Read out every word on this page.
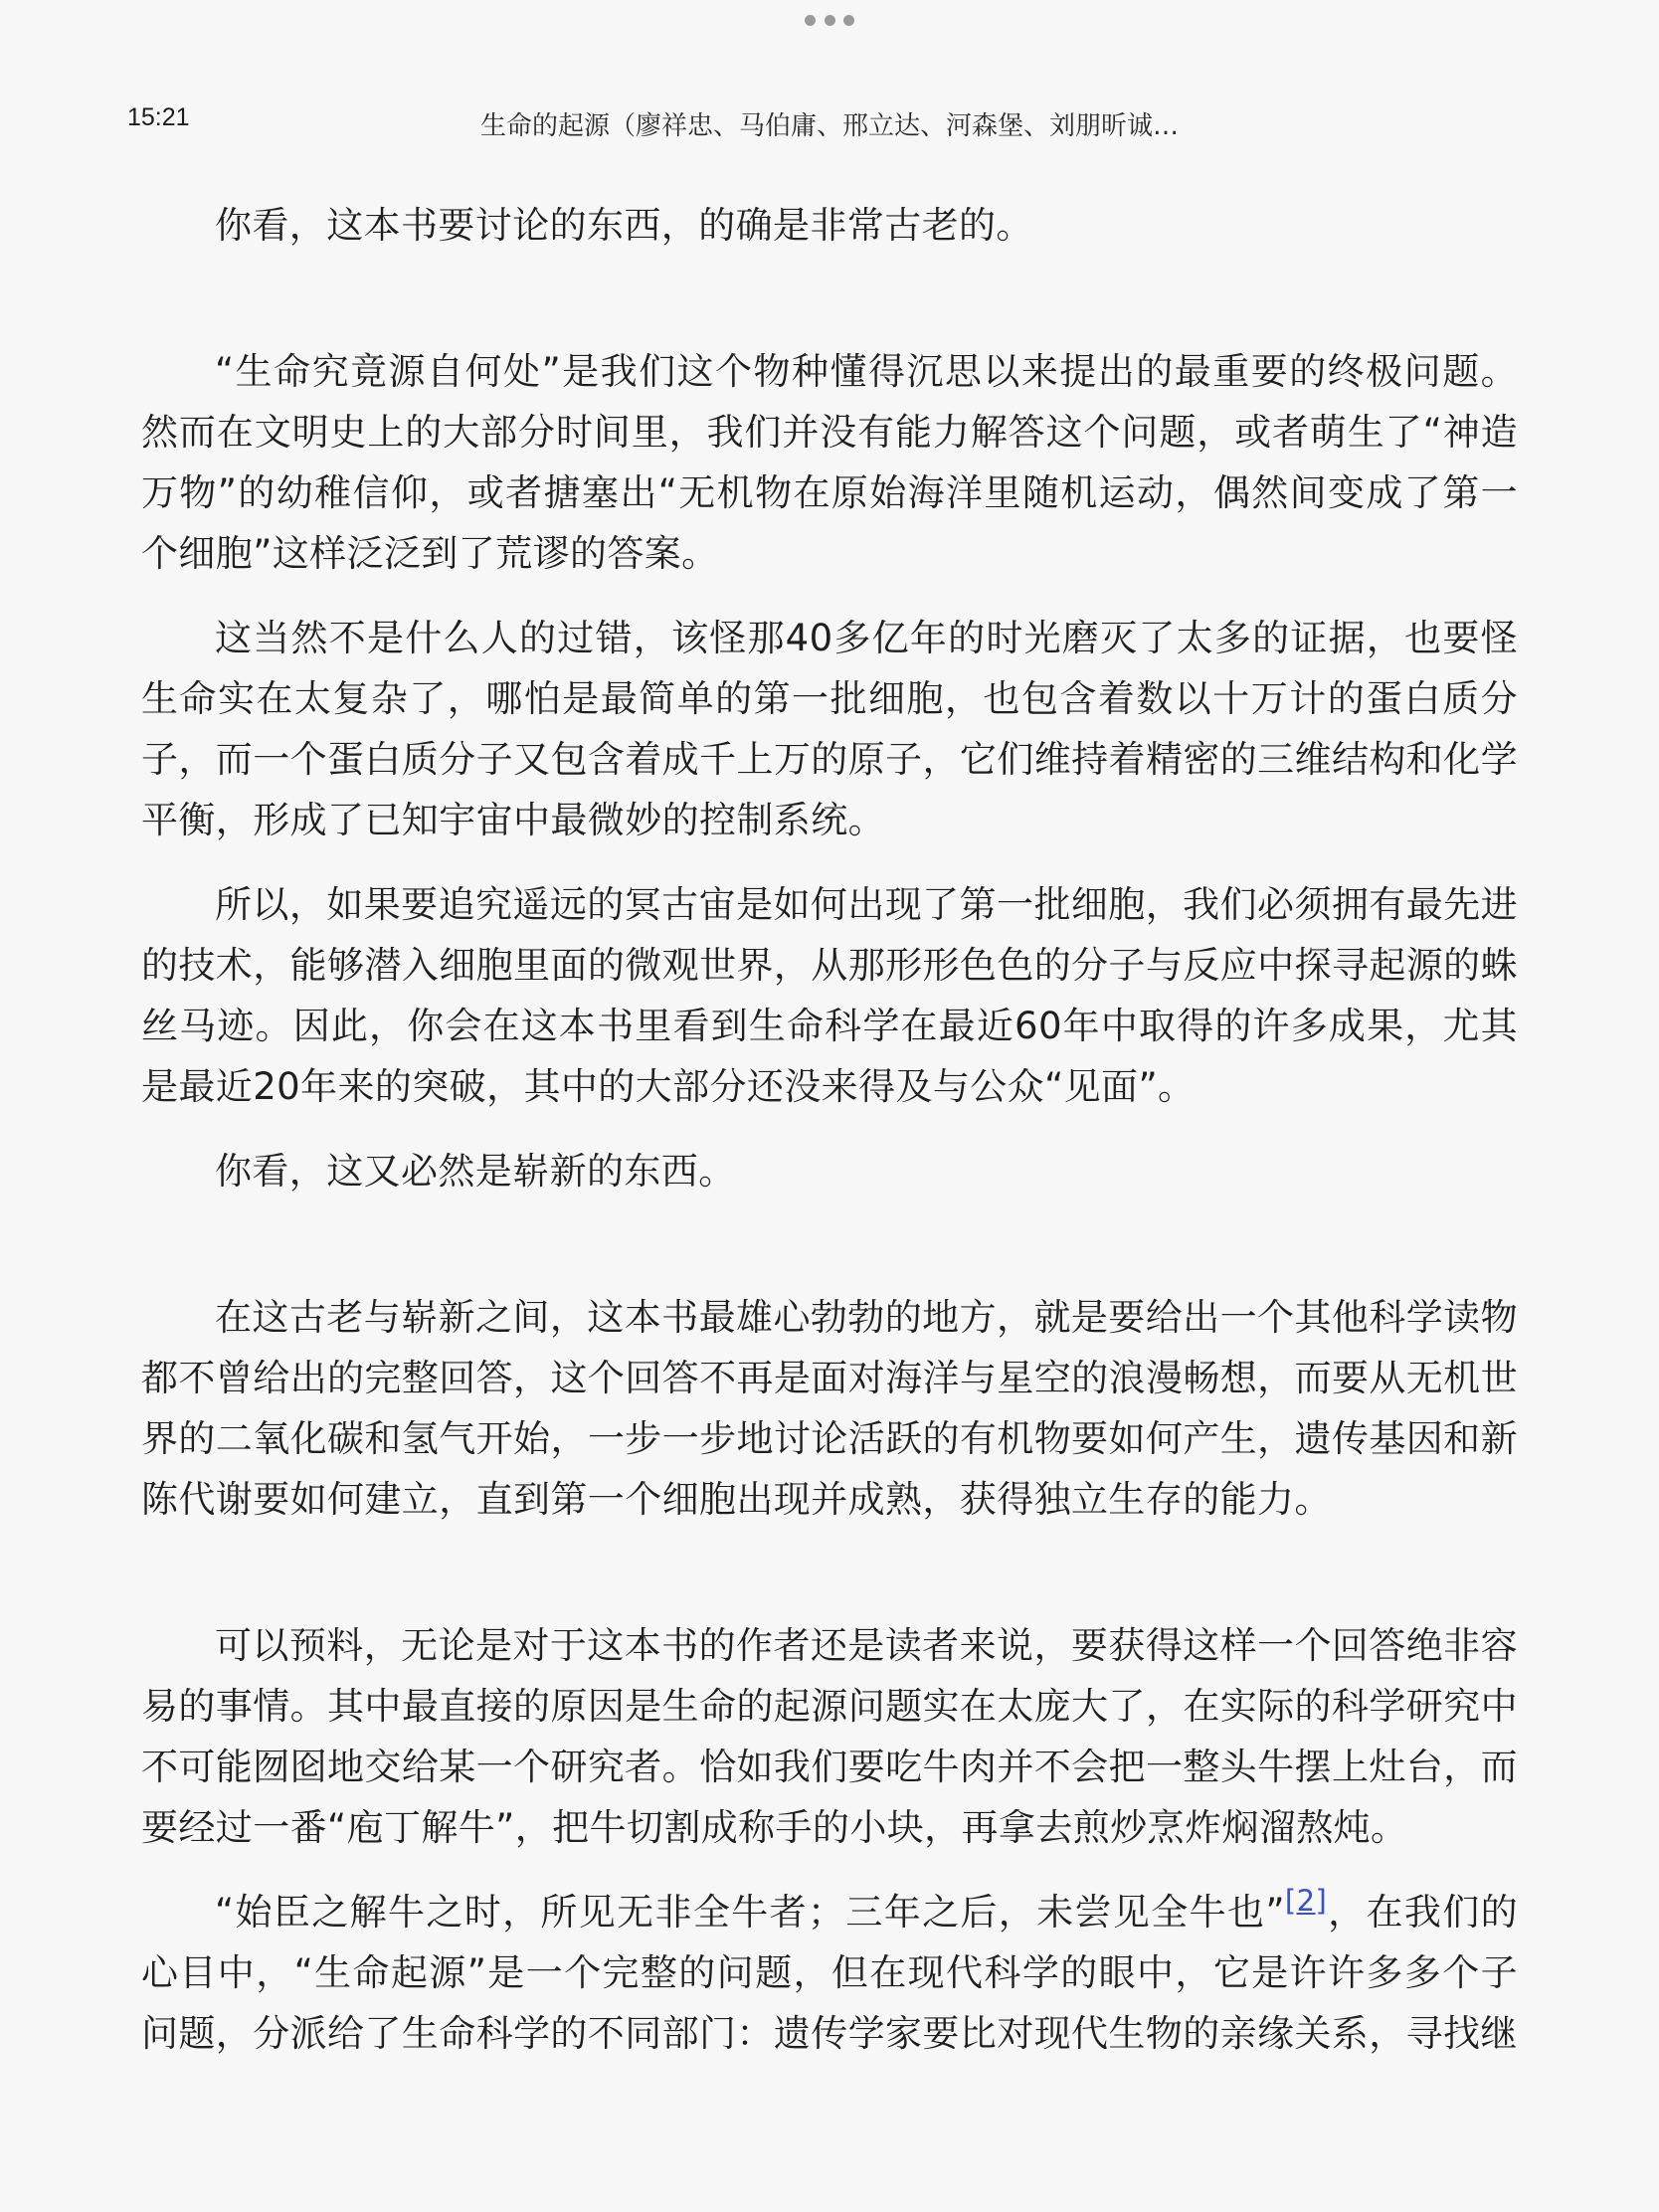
15:21	生命的起源（廖祥忠、马伯庸、邢立达、河森堡、刘朋昕诚…

你看，这本书要讨论的东西，的确是非常古老的。

“生命究竟源自何处”是我们这个物种懂得沉思以来提出的最重要的终极问题。然而在文明史上的大部分时间里，我们并没有能力解答这个问题，或者萌生了“神造万物”的幼稚信仰，或者搪塞出“无机物在原始海洋里随机运动，偶然间变成了第一个细胞”这样泛泛到了荒谬的答案。

这当然不是什么人的过错，该怪那40多亿年的时光磨灭了太多的证据，也要怪生命实在太复杂了，哪怕是最简单的第一批细胞，也包含着数以十万计的蛋白质分子，而一个蛋白质分子又包含着成千上万的原子，它们维持着精密的三维结构和化学平衡，形成了已知宇宙中最微妙的控制系统。

所以，如果要追究遥远的冥古宙是如何出现了第一批细胞，我们必须拥有最先进的技术，能够潜入细胞里面的微观世界，从那形形色色的分子与反应中探寻起源的蛛丝马迹。因此，你会在这本书里看到生命科学在最近60年中取得的许多成果，尤其是最近20年来的突破，其中的大部分还没来得及与公众“见面”。

你看，这又必然是崭新的东西。

在这古老与崭新之间，这本书最雄心勃勃的地方，就是要给出一个其他科学读物都不曾给出的完整回答，这个回答不再是面对海洋与星空的浪漫畅想，而要从无机世界的二氧化碳和氢气开始，一步一步地讨论活跃的有机物要如何产生，遗传基因和新陈代谢要如何建立，直到第一个细胞出现并成熟，获得独立生存的能力。

可以预料，无论是对于这本书的作者还是读者来说，要获得这样一个回答绝非容易的事情。其中最直接的原因是生命的起源问题实在太庞大了，在实际的科学研究中不可能囫囵地交给某一个研究者。恰如我们要吃牛肉并不会把一整头牛摆上灶台，而要经过一番“庖丁解牛”，把牛切割成称手的小块，再拿去煎炒烹炸焖溜熬炖。

“始臣之解牛之时，所见无非全牛者；三年之后，未尝见全牛也”[2]，在我们的心目中，“生命起源”是一个完整的问题，但在现代科学的眼中，它是许许多多个子问题，分派给了生命科学的不同部门：遗传学家要比对现代生物的亲缘关系，寻找继
